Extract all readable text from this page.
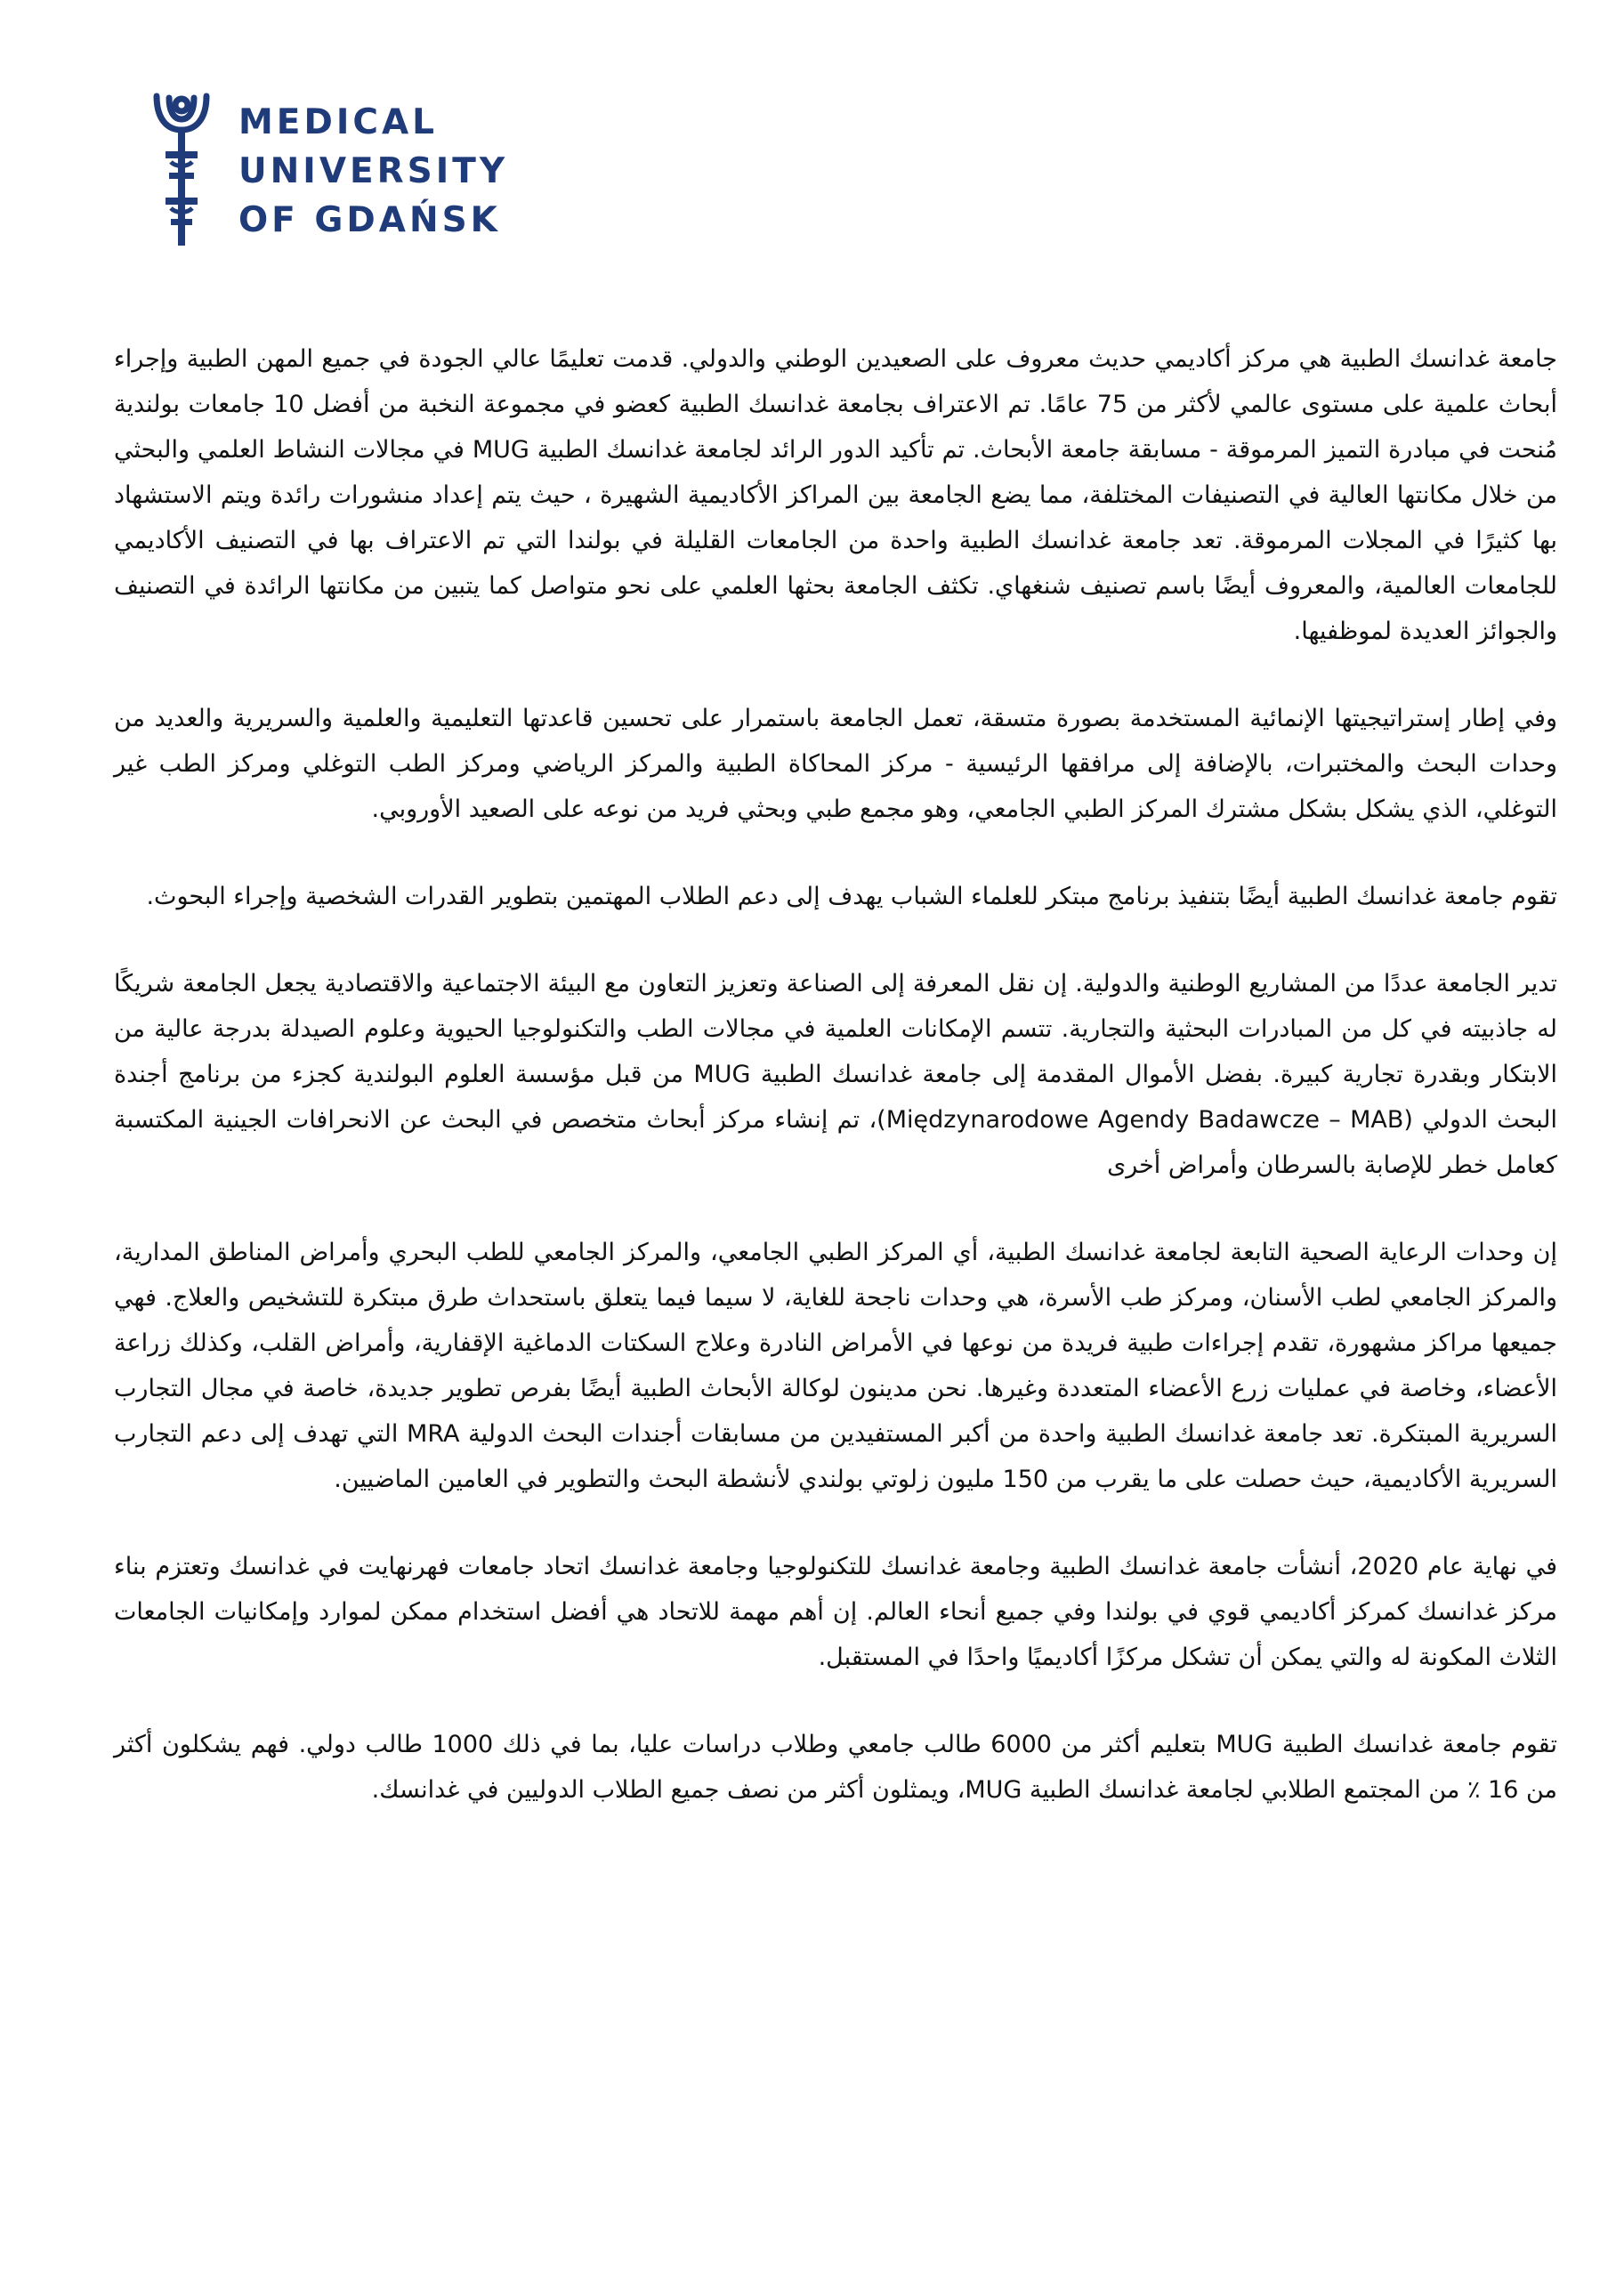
MEDICAL
UNIVERSITY
OF GDAŃSK

جامعة غدانسك الطبية هي مركز أكاديمي حديث معروف على الصعيدين الوطني والدولي. قدمت تعليمًا عالي الجودة في جميع المهن الطبية وإجراء أبحاث علمية على مستوى عالمي لأكثر من 75 عامًا. تم الاعتراف بجامعة غدانسك الطبية كعضو في مجموعة النخبة من أفضل 10 جامعات بولندية مُنحت في مبادرة التميز المرموقة - مسابقة جامعة الأبحاث. تم تأكيد الدور الرائد لجامعة غدانسك الطبية MUG في مجالات النشاط العلمي والبحثي من خلال مكانتها العالية في التصنيفات المختلفة، مما يضع الجامعة بين المراكز الأكاديمية الشهيرة ، حيث يتم إعداد منشورات رائدة ويتم الاستشهاد بها كثيرًا في المجلات المرموقة. تعد جامعة غدانسك الطبية واحدة من الجامعات القليلة في بولندا التي تم الاعتراف بها في التصنيف الأكاديمي للجامعات العالمية، والمعروف أيضًا باسم تصنيف شنغهاي. تكثف الجامعة بحثها العلمي على نحو متواصل كما يتبين من مكانتها الرائدة في التصنيف والجوائز العديدة لموظفيها.

وفي إطار إستراتيجيتها الإنمائية المستخدمة بصورة متسقة، تعمل الجامعة باستمرار على تحسين قاعدتها التعليمية والعلمية والسريرية والعديد من وحدات البحث والمختبرات، بالإضافة إلى مرافقها الرئيسية - مركز المحاكاة الطبية والمركز الرياضي ومركز الطب التوغلي ومركز الطب غير التوغلي، الذي يشكل بشكل مشترك المركز الطبي الجامعي، وهو مجمع طبي وبحثي فريد من نوعه على الصعيد الأوروبي.

تقوم جامعة غدانسك الطبية أيضًا بتنفيذ برنامج مبتكر للعلماء الشباب يهدف إلى دعم الطلاب المهتمين بتطوير القدرات الشخصية وإجراء البحوث.

تدير الجامعة عددًا من المشاريع الوطنية والدولية. إن نقل المعرفة إلى الصناعة وتعزيز التعاون مع البيئة الاجتماعية والاقتصادية يجعل الجامعة شريكًا له جاذبيته في كل من المبادرات البحثية والتجارية. تتسم الإمكانات العلمية في مجالات الطب والتكنولوجيا الحيوية وعلوم الصيدلة بدرجة عالية من الابتكار وبقدرة تجارية كبيرة. بفضل الأموال المقدمة إلى جامعة غدانسك الطبية MUG من قبل مؤسسة العلوم البولندية كجزء من برنامج أجندة البحث الدولي (Międzynarodowe Agendy Badawcze – MAB)، تم إنشاء مركز أبحاث متخصص في البحث عن الانحرافات الجينية المكتسبة كعامل خطر للإصابة بالسرطان وأمراض أخرى

إن وحدات الرعاية الصحية التابعة لجامعة غدانسك الطبية، أي المركز الطبي الجامعي، والمركز الجامعي للطب البحري وأمراض المناطق المدارية، والمركز الجامعي لطب الأسنان، ومركز طب الأسرة، هي وحدات ناجحة للغاية، لا سيما فيما يتعلق باستحداث طرق مبتكرة للتشخيص والعلاج. فهي جميعها مراكز مشهورة، تقدم إجراءات طبية فريدة من نوعها في الأمراض النادرة وعلاج السكتات الدماغية الإقفارية، وأمراض القلب، وكذلك زراعة الأعضاء، وخاصة في عمليات زرع الأعضاء المتعددة وغيرها. نحن مدينون لوكالة الأبحاث الطبية أيضًا بفرص تطوير جديدة، خاصة في مجال التجارب السريرية المبتكرة. تعد جامعة غدانسك الطبية واحدة من أكبر المستفيدين من مسابقات أجندات البحث الدولية MRA التي تهدف إلى دعم التجارب السريرية الأكاديمية، حيث حصلت على ما يقرب من 150 مليون زلوتي بولندي لأنشطة البحث والتطوير في العامين الماضيين.

في نهاية عام 2020، أنشأت جامعة غدانسك الطبية وجامعة غدانسك للتكنولوجيا وجامعة غدانسك اتحاد جامعات فهرنهايت في غدانسك وتعتزم بناء مركز غدانسك كمركز أكاديمي قوي في بولندا وفي جميع أنحاء العالم. إن أهم مهمة للاتحاد هي أفضل استخدام ممكن لموارد وإمكانيات الجامعات الثلاث المكونة له والتي يمكن أن تشكل مركزًا أكاديميًا واحدًا في المستقبل.

تقوم جامعة غدانسك الطبية MUG بتعليم أكثر من 6000 طالب جامعي وطلاب دراسات عليا، بما في ذلك 1000 طالب دولي. فهم يشكلون أكثر من 16 ٪ من المجتمع الطلابي لجامعة غدانسك الطبية MUG، ويمثلون أكثر من نصف جميع الطلاب الدوليين في غدانسك.
